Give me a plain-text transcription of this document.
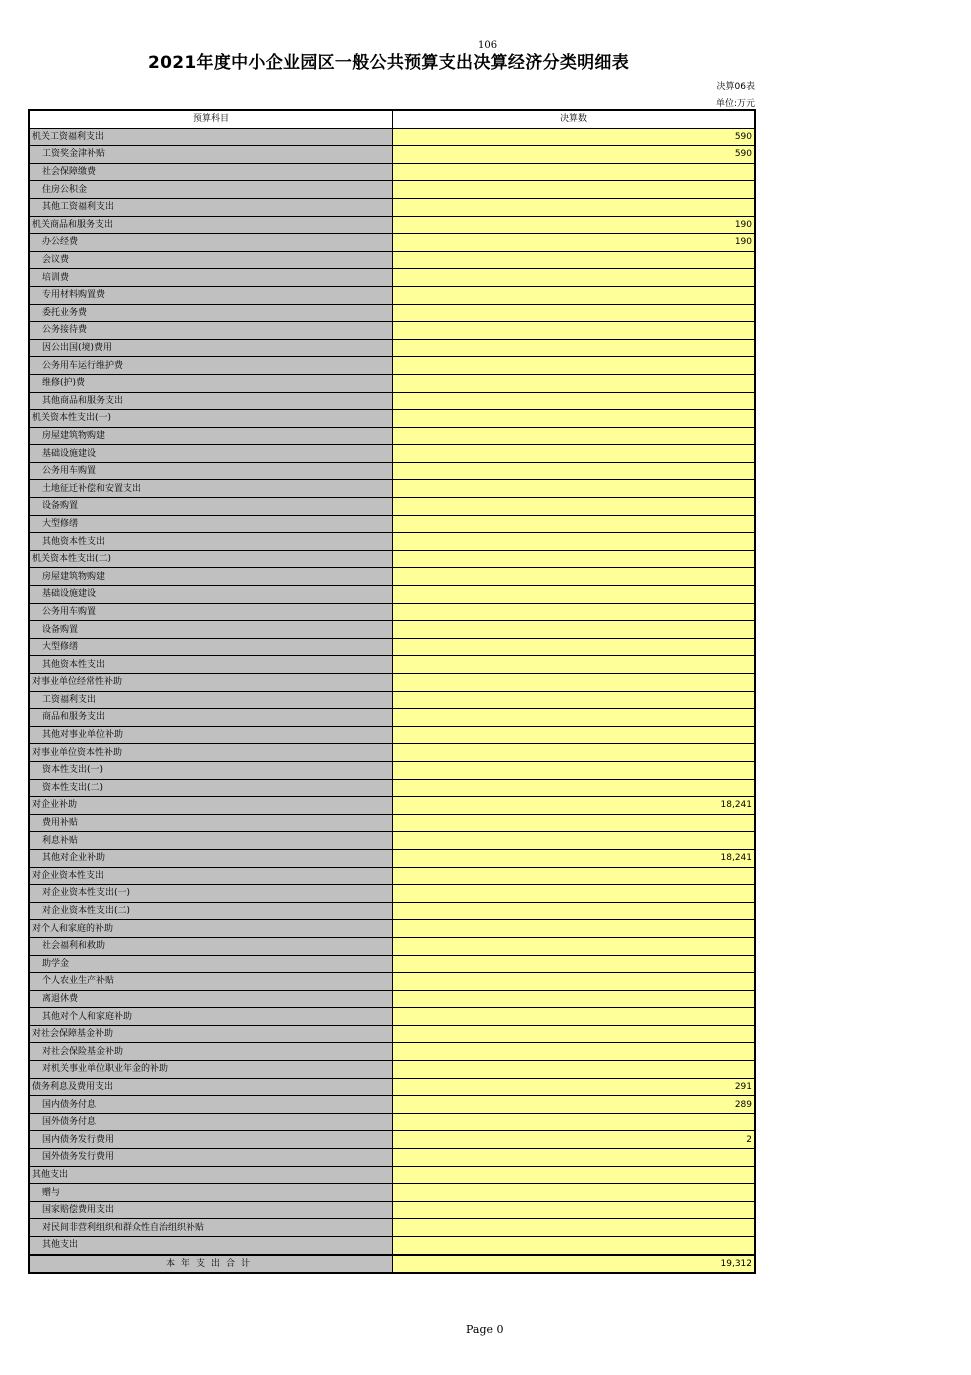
106
2021年度中小企业园区一般公共预算支出决算经济分类明细表
决算06表
单位:万元
预算科目	决算数
机关工资福利支出	590
工资奖金津补贴	590
社会保障缴费	
住房公积金	
其他工资福利支出	
机关商品和服务支出	190
办公经费	190
会议费	
培训费	
专用材料购置费	
委托业务费	
公务接待费	
因公出国(境)费用	
公务用车运行维护费	
维修(护)费	
其他商品和服务支出	
机关资本性支出(一)	
房屋建筑物购建	
基础设施建设	
公务用车购置	
土地征迁补偿和安置支出	
设备购置	
大型修缮	
其他资本性支出	
机关资本性支出(二)	
房屋建筑物购建	
基础设施建设	
公务用车购置	
设备购置	
大型修缮	
其他资本性支出	
对事业单位经常性补助	
工资福利支出	
商品和服务支出	
其他对事业单位补助	
对事业单位资本性补助	
资本性支出(一)	
资本性支出(二)	
对企业补助	18,241
费用补贴	
利息补贴	
其他对企业补助	18,241
对企业资本性支出	
对企业资本性支出(一)	
对企业资本性支出(二)	
对个人和家庭的补助	
社会福利和救助	
助学金	
个人农业生产补贴	
离退休费	
其他对个人和家庭补助	
对社会保障基金补助	
对社会保险基金补助	
对机关事业单位职业年金的补助	
债务利息及费用支出	291
国内债务付息	289
国外债务付息	
国内债务发行费用	2
国外债务发行费用	
其他支出	
赠与	
国家赔偿费用支出	
对民间非营利组织和群众性自治组织补贴	
其他支出	
本年支出合计	19,312
Page 0
